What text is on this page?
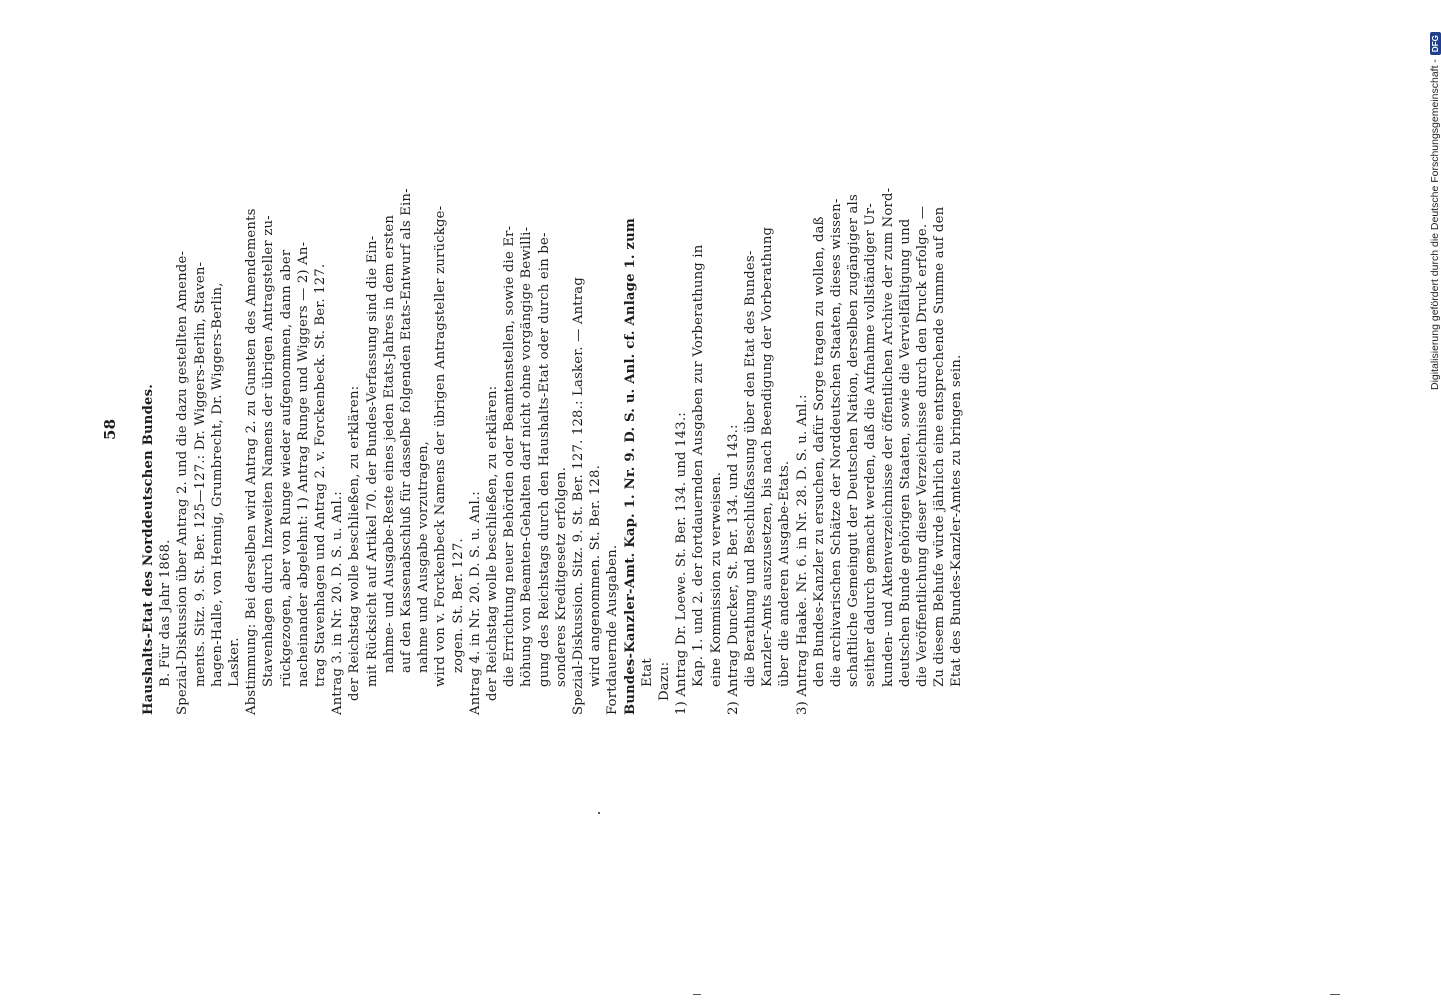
58 Haushalts-Etat des Norddeutschen Bundes. B. Für das Jahr 1868. Spezial-Diskussion über Antrag 2. und die dazu gestellten Amende- ments. Sitz. 9. St. Ber. 125—127.: Dr. Wiggers-Berlin, Staven- hagen-Halle, von Hennig, Grumbrecht, Dr. Wiggers-Berlin, Lasker. Abstimmung: Bei derselben wird Antrag 2. zu Gunsten des Amendements Stavenhagen durch Inzweiten Namens der übrigen Antragsteller zu- rückgezogen, aber von Runge wieder aufgenommen, dann aber nacheinander abgelehnt: 1) Antrag Runge und Wiggers — 2) An- trag Stavenhagen und Antrag 2. v. Forckenbeck. St. Ber. 127. Antrag 3. in Nr. 20. D. S. u. Anl.: der Reichstag wolle beschließen, zu erklären: mit Rücksicht auf Artikel 70. der Bundes-Verfassung sind die Ein- nahme- und Ausgabe-Reste eines jeden Etats-Jahres in dem ersten auf den Kassenabschluß für dasselbe folgenden Etats-Entwurf als Ein- nahme und Ausgabe vorzutragen, wird von v. Forckenbeck Namens der übrigen Antragsteller zurückge- zogen. St. Ber. 127. Antrag 4. in Nr. 20. D. S. u. Anl.: der Reichstag wolle beschließen, zu erklären: die Errichtung neuer Behörden oder Beamtenstellen, sowie die Er- höhung von Beamten-Gehalten darf nicht ohne vorgängige Bewilli- gung des Reichstags durch den Haushalts-Etat oder durch ein be- sonderes Kreditgesetz erfolgen. Spezial-Diskussion. Sitz. 9. St. Ber. 127. 128.: Lasker. — Antrag wird angenommen. St. Ber. 128. Fortdauernde Ausgaben. Bundes-Kanzler-Amt. Kap. 1. Nr. 9. D. S. u. Anl. cf. Anlage 1. zum Etat Dazu: 1) Antrag Dr. Loewe. St. Ber. 134. und 143.: Kap. 1. und 2. der fortdauernden Ausgaben zur Vorberathung in eine Kommission zu verweisen. 2) Antrag Duncker, St. Ber. 134. und 143.: die Berathung und Beschlußfassung über den Etat des Bundes- Kanzler-Amts auszusetzen, bis nach Beendigung der Vorberathung über die anderen Ausgabe-Etats. 3) Antrag Haake. Nr. 6. in Nr. 28. D. S. u. Anl.: den Bundes-Kanzler zu ersuchen, dafür Sorge tragen zu wollen, daß die archivarischen Schätze der Norddeutschen Staaten, dieses wissen- schaftliche Gemeingut der Deutschen Nation, derselben zugängiger als seither dadurch gemacht werden, daß die Aufnahme vollständiger Ur- kunden- und Aktenverzeichnisse der öffentlichen Archive der zum Nord- deutschen Bunde gehörigen Staaten, sowie die Vervielfältigung und die Veröffentlichung dieser Verzeichnisse durch den Druck erfolge. — Zu diesem Behufe würde jährlich eine entsprechende Summe auf den Etat des Bundes-Kanzler-Amtes zu bringen sein.
Digitalisierung gefördert durch die Deutsche Forschungsgemeinschaft -
DFG
